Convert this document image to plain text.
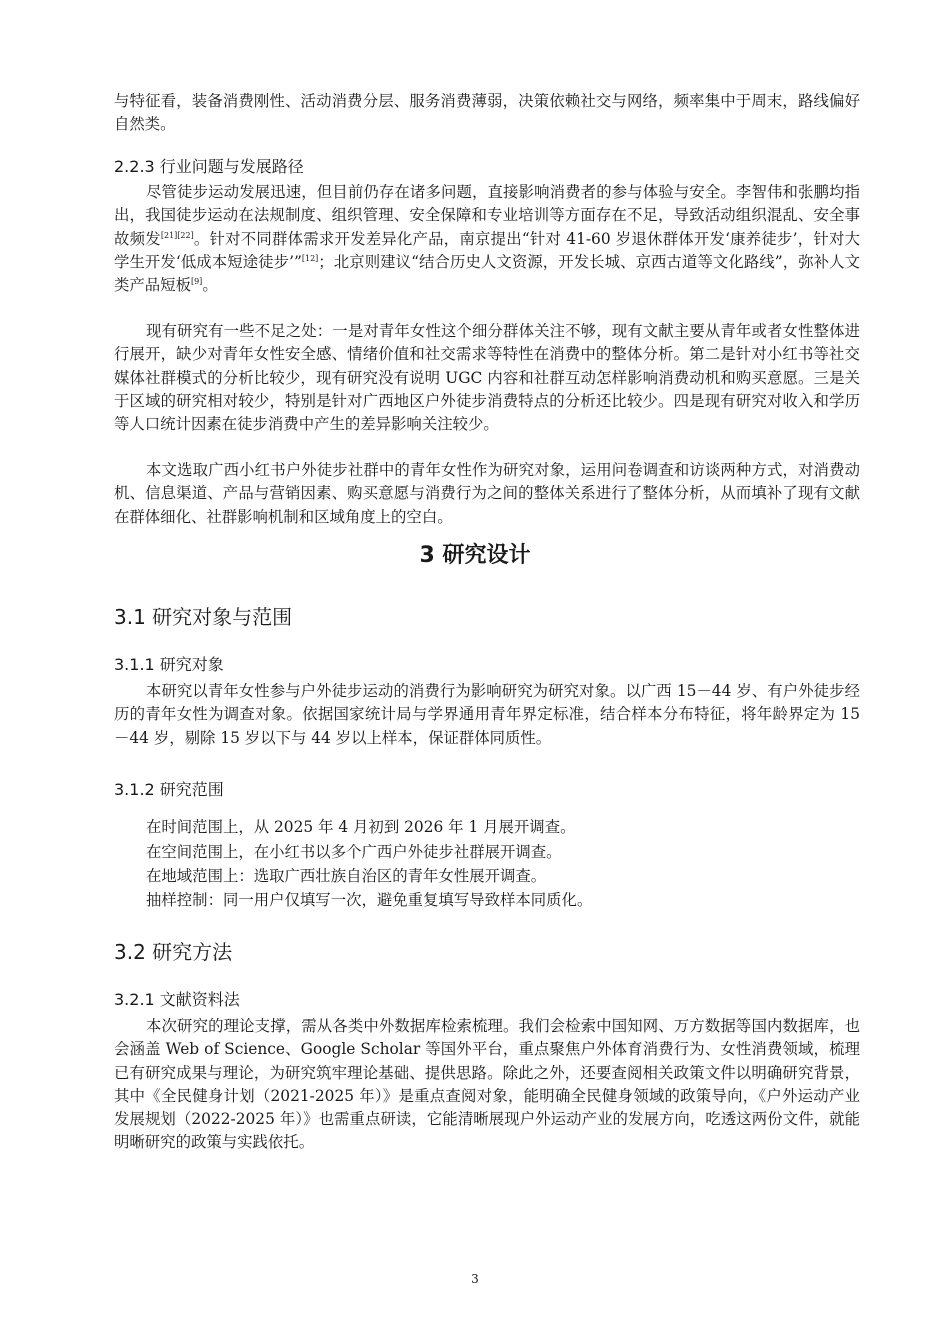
与特征看，装备消费刚性、活动消费分层、服务消费薄弱，决策依赖社交与网络，频率集中于周末，路线偏好自然类。

2.2.3 行业问题与发展路径

尽管徒步运动发展迅速，但目前仍存在诸多问题，直接影响消费者的参与体验与安全。李智伟和张鹏均指出，我国徒步运动在法规制度、组织管理、安全保障和专业培训等方面存在不足，导致活动组织混乱、安全事故频发[21][22]。针对不同群体需求开发差异化产品，南京提出“针对 41-60 岁退休群体开发‘康养徒步’，针对大学生开发‘低成本短途徒步’”[12]；北京则建议“结合历史人文资源，开发长城、京西古道等文化路线”，弥补人文类产品短板[9]。

现有研究有一些不足之处：一是对青年女性这个细分群体关注不够，现有文献主要从青年或者女性整体进行展开，缺少对青年女性安全感、情绪价值和社交需求等特性在消费中的整体分析。第二是针对小红书等社交媒体社群模式的分析比较少，现有研究没有说明 UGC 内容和社群互动怎样影响消费动机和购买意愿。三是关于区域的研究相对较少，特别是针对广西地区户外徒步消费特点的分析还比较少。四是现有研究对收入和学历等人口统计因素在徒步消费中产生的差异影响关注较少。

本文选取广西小红书户外徒步社群中的青年女性作为研究对象，运用问卷调查和访谈两种方式，对消费动机、信息渠道、产品与营销因素、购买意愿与消费行为之间的整体关系进行了整体分析，从而填补了现有文献在群体细化、社群影响机制和区域角度上的空白。

3 研究设计

3.1 研究对象与范围

3.1.1 研究对象

本研究以青年女性参与户外徒步运动的消费行为影响研究为研究对象。以广西 15－44 岁、有户外徒步经历的青年女性为调查对象。依据国家统计局与学界通用青年界定标准，结合样本分布特征，将年龄界定为 15－44 岁，剔除 15 岁以下与 44 岁以上样本，保证群体同质性。

3.1.2 研究范围

在时间范围上，从 2025 年 4 月初到 2026 年 1 月展开调查。

在空间范围上，在小红书以多个广西户外徒步社群展开调查。

在地域范围上：选取广西壮族自治区的青年女性展开调查。

抽样控制：同一用户仅填写一次，避免重复填写导致样本同质化。

3.2 研究方法

3.2.1 文献资料法

本次研究的理论支撑，需从各类中外数据库检索梳理。我们会检索中国知网、万方数据等国内数据库，也会涵盖 Web of Science、Google Scholar 等国外平台，重点聚焦户外体育消费行为、女性消费领域，梳理已有研究成果与理论，为研究筑牢理论基础、提供思路。除此之外，还要查阅相关政策文件以明确研究背景，其中《全民健身计划（2021-2025 年）》是重点查阅对象，能明确全民健身领域的政策导向，《户外运动产业发展规划（2022-2025 年）》也需重点研读，它能清晰展现户外运动产业的发展方向，吃透这两份文件，就能明晰研究的政策与实践依托。

3
